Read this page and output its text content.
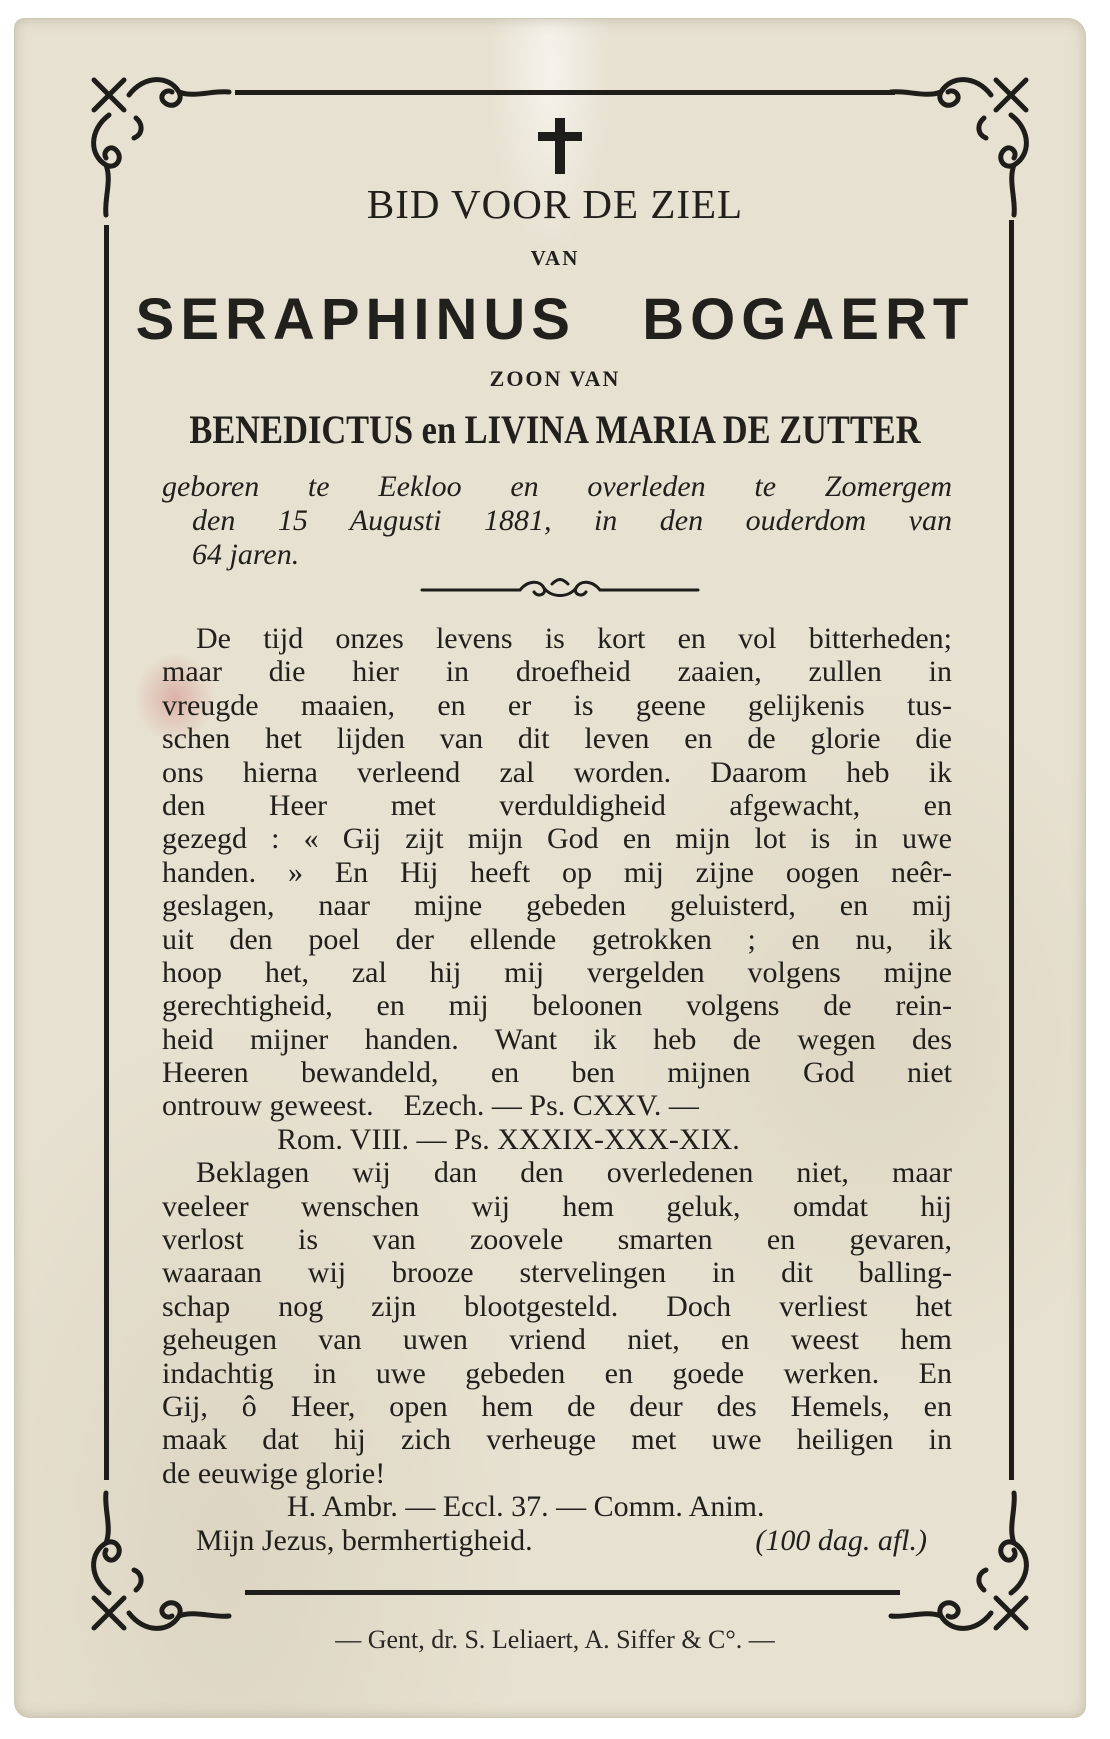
BID VOOR DE ZIEL
VAN
SERAPHINUS   BOGAERT
ZOON VAN
BENEDICTUS en LIVINA MARIA DE ZUTTER
geboren te Eekloo en overleden te Zomergem
den 15 Augusti 1881, in den ouderdom van
64 jaren.
De tijd onzes levens is kort en vol bitterheden;
maar die hier in droefheid zaaien, zullen in
vreugde maaien, en er is geene gelijkenis tus-
schen het lijden van dit leven en de glorie die
ons hierna verleend zal worden. Daarom heb ik
den Heer met verduldigheid afgewacht, en
gezegd : « Gij zijt mijn God en mijn lot is in uwe
handen. » En Hij heeft op mij zijne oogen neêr-
geslagen, naar mijne gebeden geluisterd, en mij
uit den poel der ellende getrokken ; en nu, ik
hoop het, zal hij mij vergelden volgens mijne
gerechtigheid, en mij beloonen volgens de rein-
heid mijner handen. Want ik heb de wegen des
Heeren bewandeld, en ben mijnen God niet
ontrouw geweest.    Ezech. — Ps. CXXV. —
Rom. VIII. — Ps. XXXIX-XXX-XIX.
Beklagen wij dan den overledenen niet, maar
veeleer wenschen wij hem geluk, omdat hij
verlost is van zoovele smarten en gevaren,
waaraan wij brooze stervelingen in dit balling-
schap nog zijn blootgesteld. Doch verliest het
geheugen van uwen vriend niet, en weest hem
indachtig in uwe gebeden en goede werken. En
Gij, ô Heer, open hem de deur des Hemels, en
maak dat hij zich verheuge met uwe heiligen in
de eeuwige glorie!
H. Ambr. — Eccl. 37. — Comm. Anim.
Mijn Jezus, bermhertigheid.	(100 dag. afl.)
— Gent, dr. S. Leliaert, A. Siffer & C°. —
